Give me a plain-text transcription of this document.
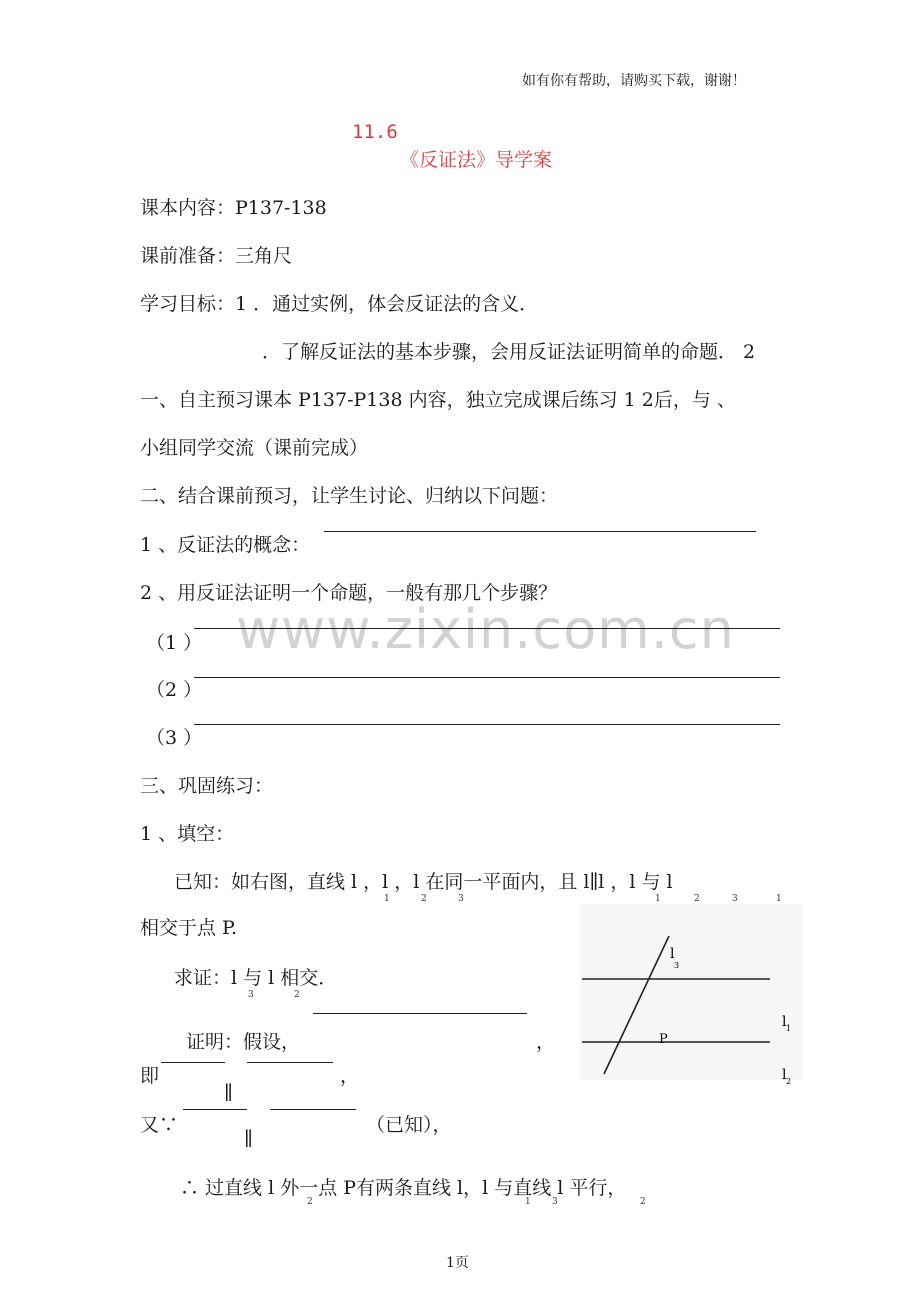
www.zixin.com.cn
如有你有帮助，请购买下载，谢谢！
11.6
《反证法》导学案
课本内容：P137-138
课前准备：三角尺
学习目标：1 ．通过实例，体会反证法的含义．
．了解反证法的基本步骤，会用反证法证明简单的命题． 2
一、自主预习课本 P137-P138 内容，独立完成课后练习 1 2后，与 、
小组同学交流（课前完成）
二、结合课前预习，让学生讨论、归纳以下问题：
1 、反证法的概念：
2 、用反证法证明一个命题，一般有那几个步骤？
（1 ）
（2 ）
（3 ）
三、巩固练习：
1 、填空：
已知：如右图，直线 l ，l ，l 在同一平面内，且 l∥l ，l 与 l
1	2	3	1	2	3	1
相交于点 P.
求证：l 与 l 相交．
3	2
证明：假设，	，
即	，
∥
又∵	（已知），
∥
∴ 过直线 l 外一点 P有两条直线 l，l 与直线 l 平行，
2	1 3	2
l
3
P
l 1
l 2
1页
